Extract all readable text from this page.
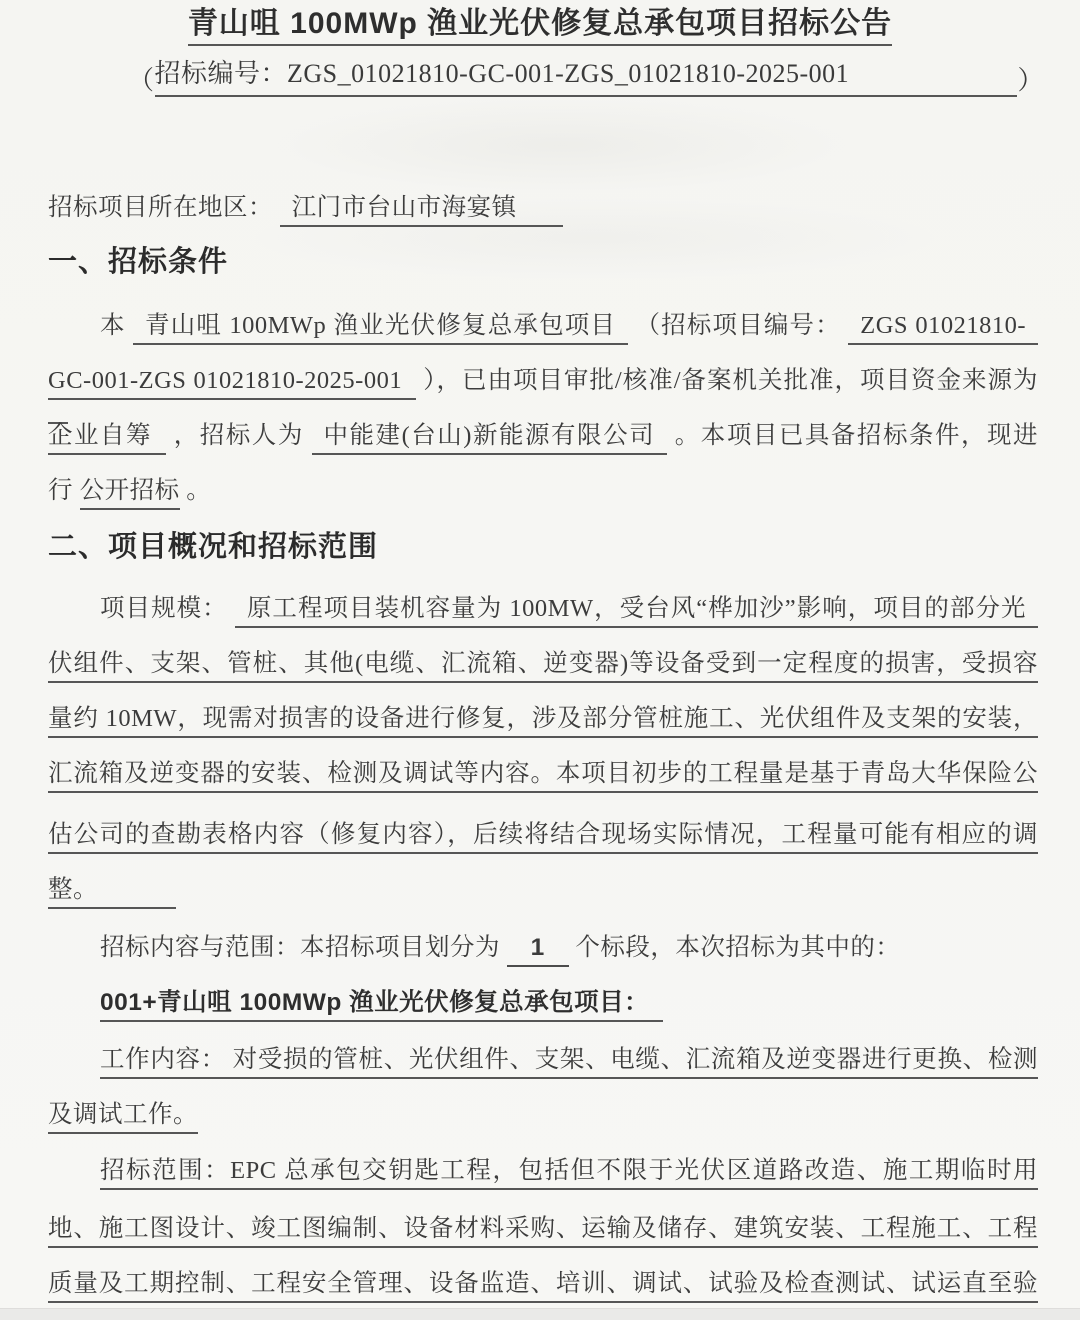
青山咀 100MWp 渔业光伏修复总承包项目招标公告
（ 招标编号：ZGS_01021810-GC-001-ZGS_01021810-2025-001	）
招标项目所在地区： 江门市台山市海宴镇
一、招标条件
本 青山咀 100MWp 渔业光伏修复总承包项目 （招标项目编号： ZGS 01021810-
GC-001-ZGS 01021810-2025-001 ），已由项目审批/核准/备案机关批准，项目资金来源为
企业自筹 ，招标人为 中能建(台山)新能源有限公司 。本项目已具备招标条件，现进
行 公开招标 。
二、项目概况和招标范围
项目规模： 原工程项目装机容量为 100MW，受台风“桦加沙”影响，项目的部分光
伏组件、支架、管桩、其他(电缆、汇流箱、逆变器)等设备受到一定程度的损害，受损容
量约 10MW，现需对损害的设备进行修复，涉及部分管桩施工、光伏组件及支架的安装，
汇流箱及逆变器的安装、检测及调试等内容。本项目初步的工程量是基于青岛大华保险公
估公司的查勘表格内容（修复内容），后续将结合现场实际情况，工程量可能有相应的调
整。
招标内容与范围：本招标项目划分为 1 个标段，本次招标为其中的：
001+青山咀 100MWp 渔业光伏修复总承包项目：
工作内容： 对受损的管桩、光伏组件、支架、电缆、汇流箱及逆变器进行更换、检测
及调试工作。
招标范围：EPC 总承包交钥匙工程，包括但不限于光伏区道路改造、施工期临时用
地、施工图设计、竣工图编制、设备材料采购、运输及储存、建筑安装、工程施工、工程
质量及工期控制、工程安全管理、设备监造、培训、调试、试验及检查测试、试运直至验
